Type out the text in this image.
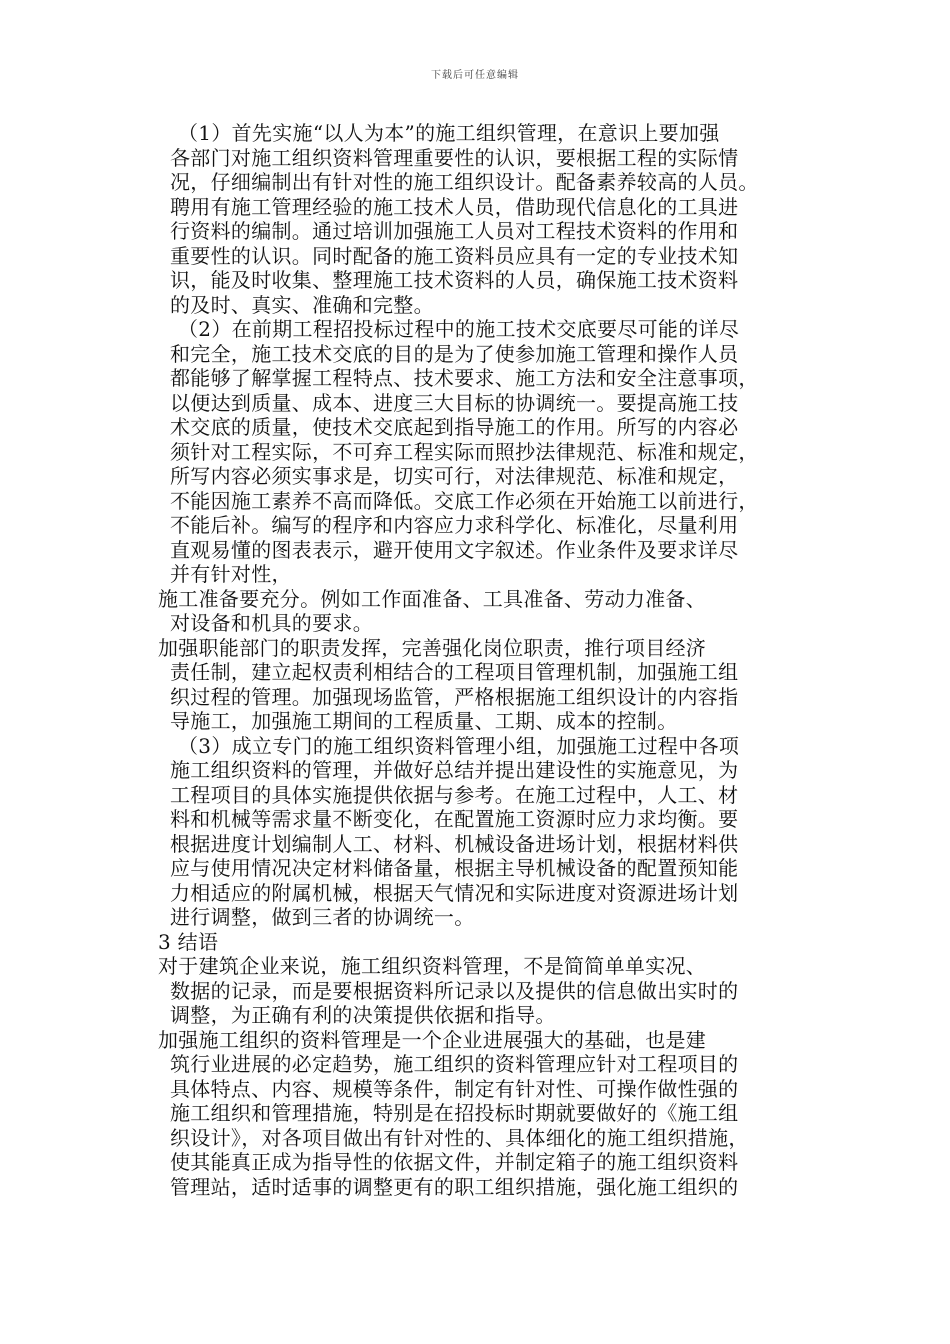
下载后可任意编辑
（1）首先实施“以人为本”的施工组织管理，在意识上要加强
各部门对施工组织资料管理重要性的认识，要根据工程的实际情
况，仔细编制出有针对性的施工组织设计。配备素养较高的人员。
聘用有施工管理经验的施工技术人员，借助现代信息化的工具进
行资料的编制。通过培训加强施工人员对工程技术资料的作用和
重要性的认识。同时配备的施工资料员应具有一定的专业技术知
识，能及时收集、整理施工技术资料的人员，确保施工技术资料
的及时、真实、准确和完整。
（2）在前期工程招投标过程中的施工技术交底要尽可能的详尽
和完全，施工技术交底的目的是为了使参加施工管理和操作人员
都能够了解掌握工程特点、技术要求、施工方法和安全注意事项，
以便达到质量、成本、进度三大目标的协调统一。要提高施工技
术交底的质量，使技术交底起到指导施工的作用。所写的内容必
须针对工程实际，不可弃工程实际而照抄法律规范、标准和规定，
所写内容必须实事求是，切实可行，对法律规范、标准和规定，
不能因施工素养不高而降低。交底工作必须在开始施工以前进行，
不能后补。编写的程序和内容应力求科学化、标准化，尽量利用
直观易懂的图表表示，避开使用文字叙述。作业条件及要求详尽
并有针对性，
施工准备要充分。例如工作面准备、工具准备、劳动力准备、
对设备和机具的要求。
加强职能部门的职责发挥，完善强化岗位职责，推行项目经济
责任制，建立起权责利相结合的工程项目管理机制，加强施工组
织过程的管理。加强现场监管，严格根据施工组织设计的内容指
导施工，加强施工期间的工程质量、工期、成本的控制。
（3）成立专门的施工组织资料管理小组，加强施工过程中各项
施工组织资料的管理，并做好总结并提出建设性的实施意见，为
工程项目的具体实施提供依据与参考。在施工过程中，人工、材
料和机械等需求量不断变化，在配置施工资源时应力求均衡。要
根据进度计划编制人工、材料、机械设备进场计划，根据材料供
应与使用情况决定材料储备量，根据主导机械设备的配置预知能
力相适应的附属机械，根据天气情况和实际进度对资源进场计划
进行调整，做到三者的协调统一。
3 结语
对于建筑企业来说，施工组织资料管理，不是简简单单实况、
数据的记录，而是要根据资料所记录以及提供的信息做出实时的
调整，为正确有利的决策提供依据和指导。
加强施工组织的资料管理是一个企业进展强大的基础，也是建
筑行业进展的必定趋势，施工组织的资料管理应针对工程项目的
具体特点、内容、规模等条件，制定有针对性、可操作做性强的
施工组织和管理措施，特别是在招投标时期就要做好的《施工组
织设计》，对各项目做出有针对性的、具体细化的施工组织措施，
使其能真正成为指导性的依据文件，并制定箱子的施工组织资料
管理站，适时适事的调整更有的职工组织措施，强化施工组织的
